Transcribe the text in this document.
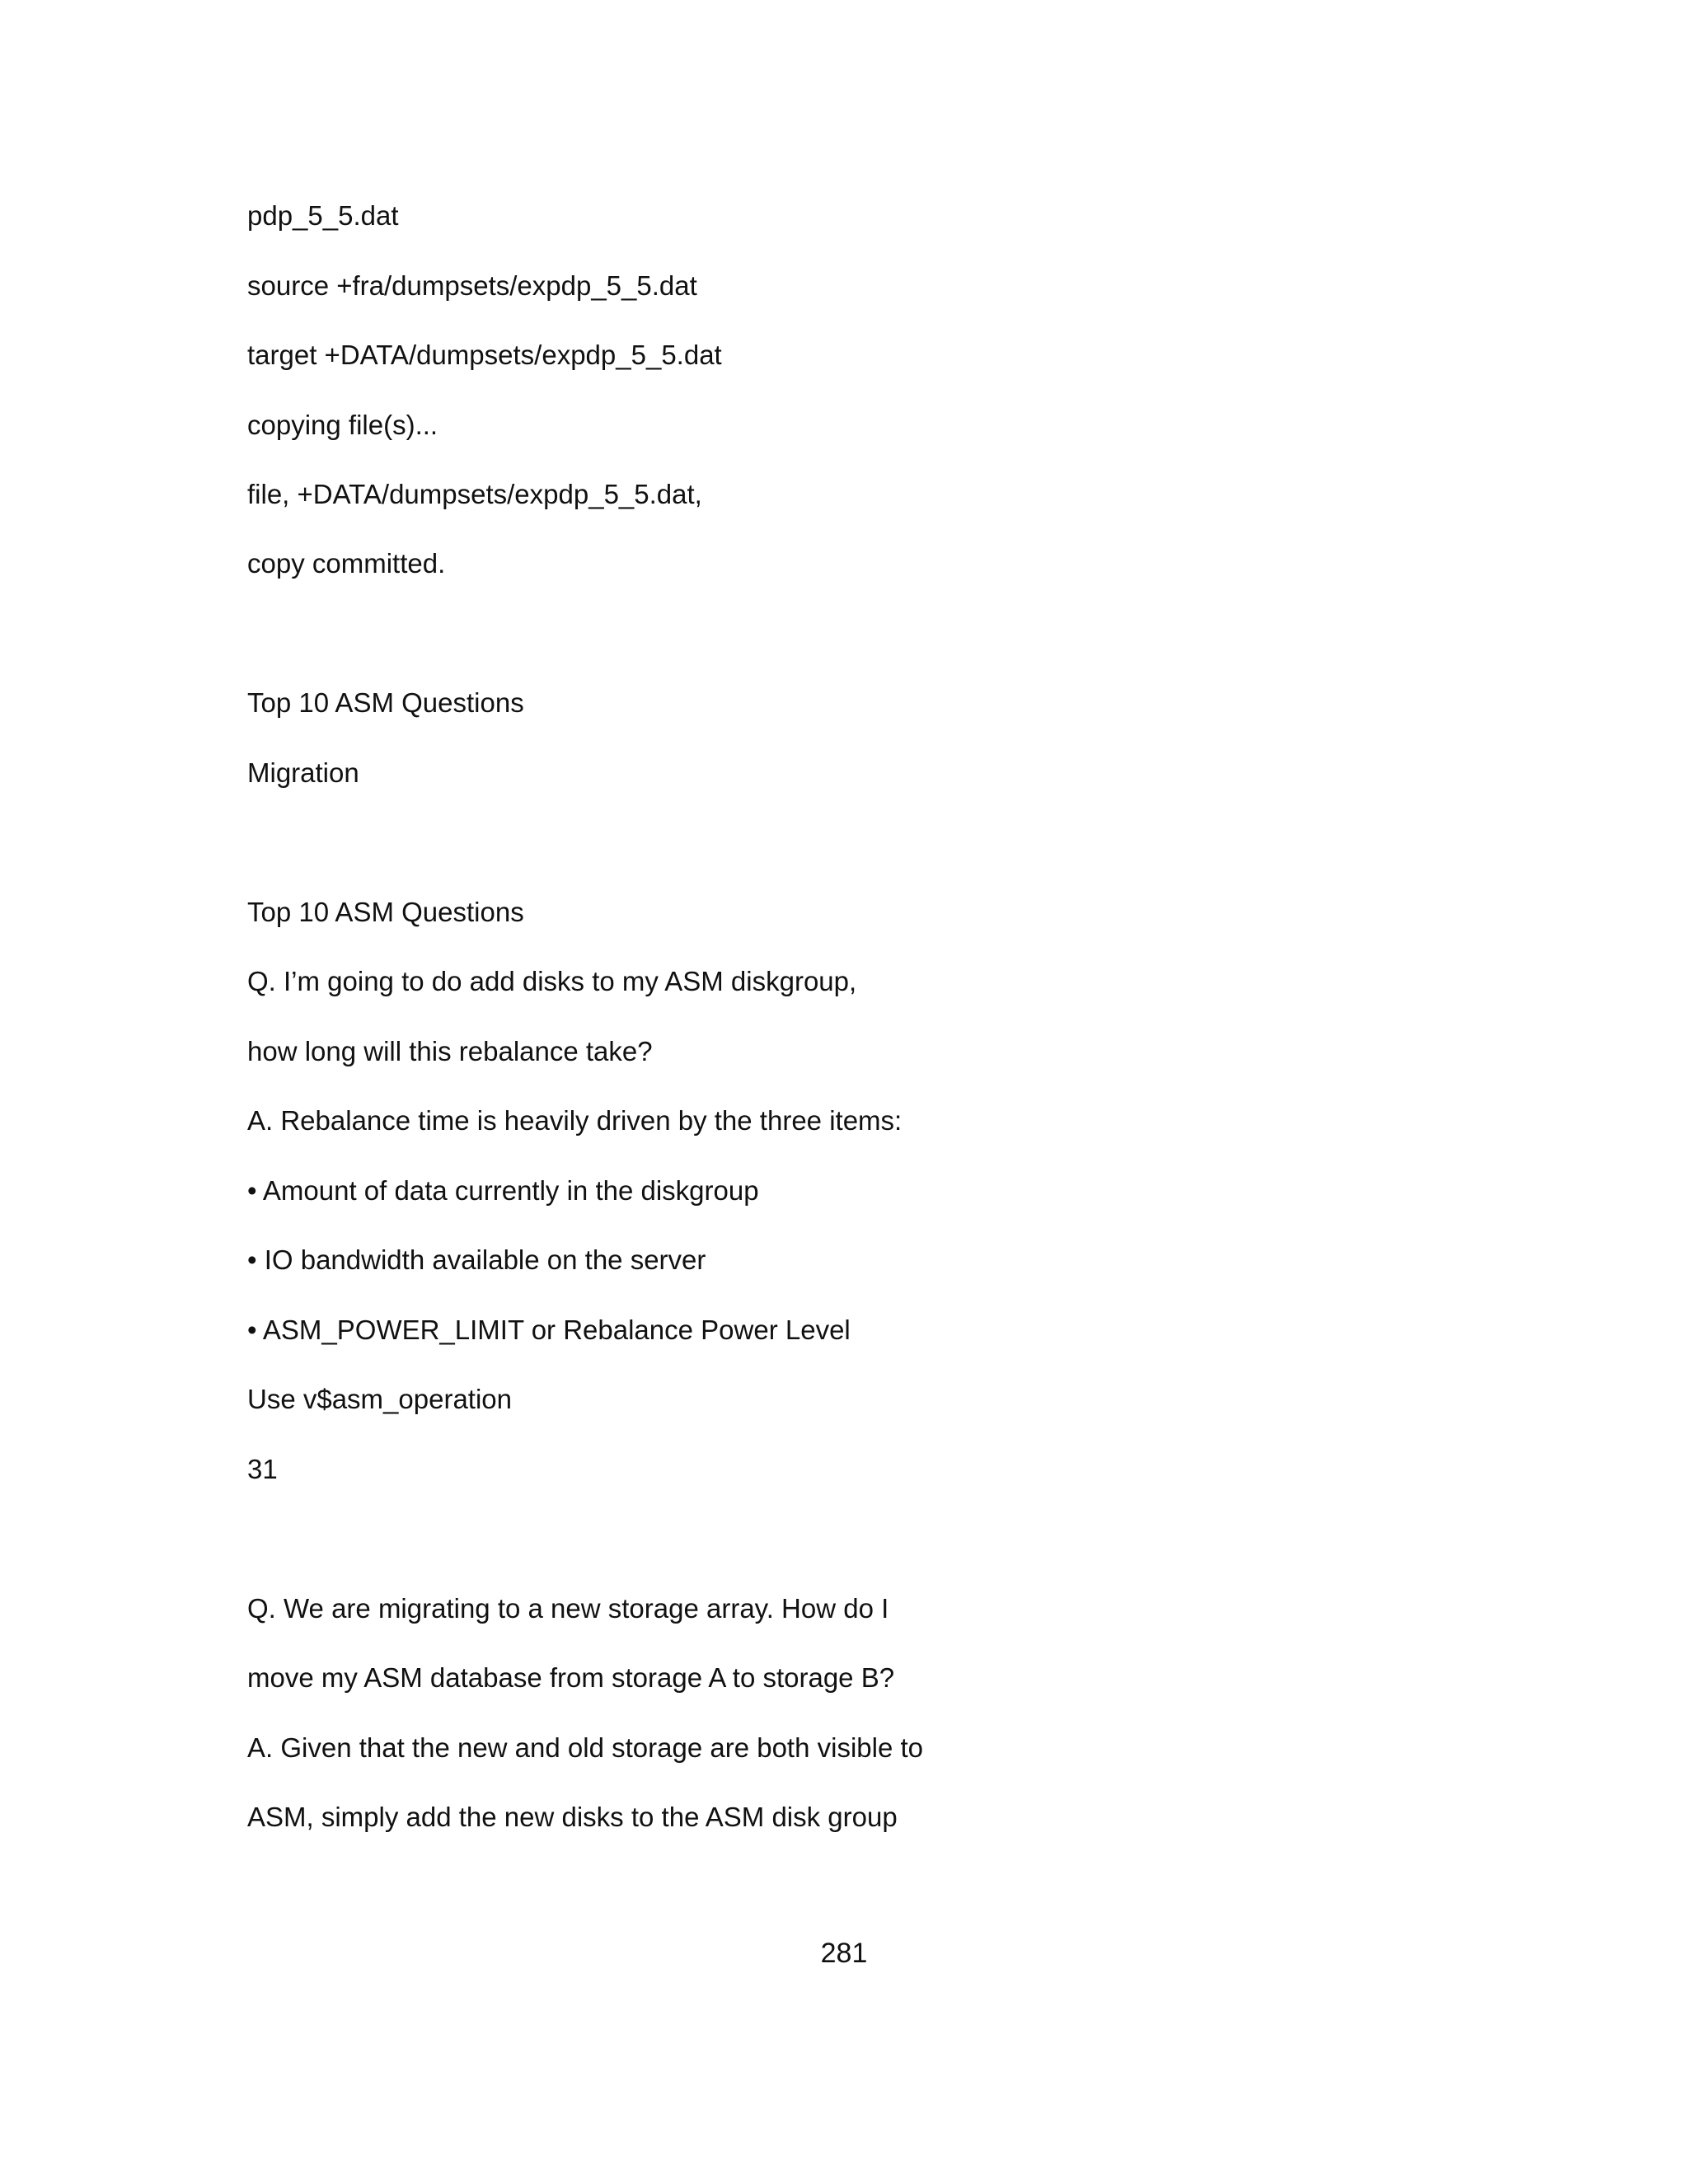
pdp_5_5.dat
source +fra/dumpsets/expdp_5_5.dat
target +DATA/dumpsets/expdp_5_5.dat
copying file(s)...
file, +DATA/dumpsets/expdp_5_5.dat,
copy committed.
Top 10 ASM Questions
Migration
Top 10 ASM Questions
Q. I’m going to do add disks to my ASM diskgroup,
how long will this rebalance take?
A. Rebalance time is heavily driven by the three items:
• Amount of data currently in the diskgroup
• IO bandwidth available on the server
• ASM_POWER_LIMIT or Rebalance Power Level
Use v$asm_operation
31
Q. We are migrating to a new storage array. How do I
move my ASM database from storage A to storage B?
A. Given that the new and old storage are both visible to
ASM, simply add the new disks to the ASM disk group
281
